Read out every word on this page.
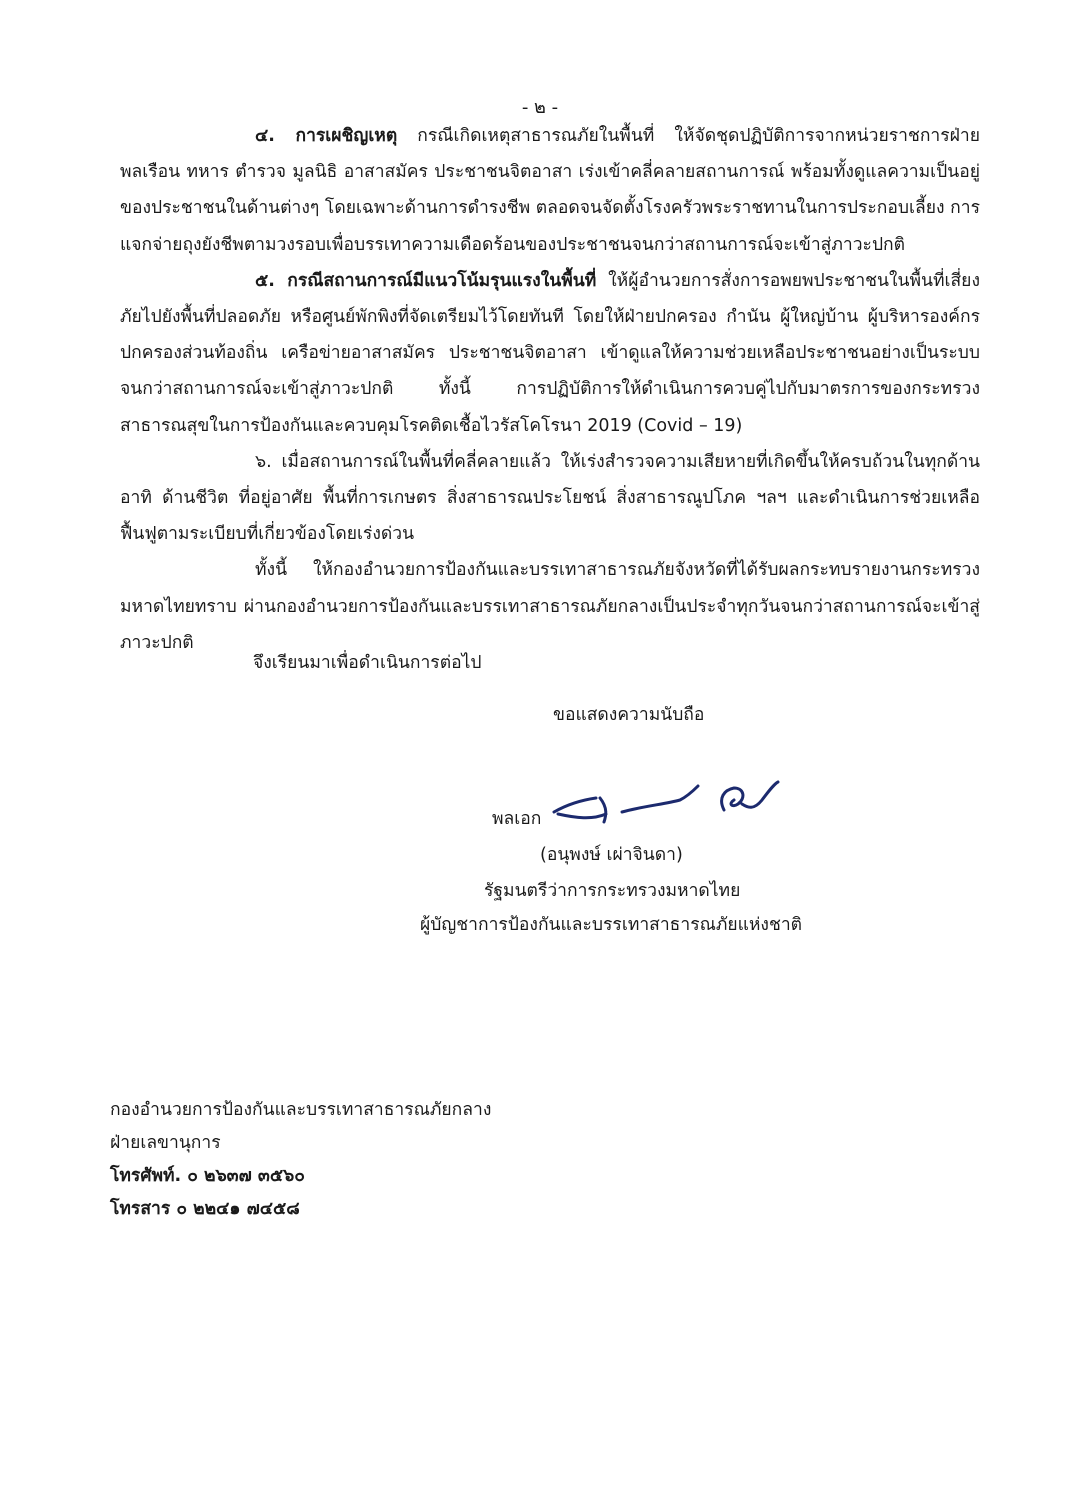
- ๒ -

๔. การเผชิญเหตุ กรณีเกิดเหตุสาธารณภัยในพื้นที่ ให้จัดชุดปฏิบัติการจากหน่วยราชการฝ่ายพลเรือน ทหาร ตำรวจ มูลนิธิ อาสาสมัคร ประชาชนจิตอาสา เร่งเข้าคลี่คลายสถานการณ์ พร้อมทั้งดูแลความเป็นอยู่ของประชาชนในด้านต่างๆ โดยเฉพาะด้านการดำรงชีพ ตลอดจนจัดตั้งโรงครัวพระราชทานในการประกอบเลี้ยง การแจกจ่ายถุงยังชีพตามวงรอบเพื่อบรรเทาความเดือดร้อนของประชาชนจนกว่าสถานการณ์จะเข้าสู่ภาวะปกติ

๕. กรณีสถานการณ์มีแนวโน้มรุนแรงในพื้นที่ ให้ผู้อำนวยการสั่งการอพยพประชาชนในพื้นที่เสี่ยงภัยไปยังพื้นที่ปลอดภัย หรือศูนย์พักพิงที่จัดเตรียมไว้โดยทันที โดยให้ฝ่ายปกครอง กำนัน ผู้ใหญ่บ้าน ผู้บริหารองค์กรปกครองส่วนท้องถิ่น เครือข่ายอาสาสมัคร ประชาชนจิตอาสา เข้าดูแลให้ความช่วยเหลือประชาชนอย่างเป็นระบบจนกว่าสถานการณ์จะเข้าสู่ภาวะปกติ ทั้งนี้ การปฏิบัติการให้ดำเนินการควบคู่ไปกับมาตรการของกระทรวงสาธารณสุขในการป้องกันและควบคุมโรคติดเชื้อไวรัสโคโรนา 2019 (Covid – 19)

๖. เมื่อสถานการณ์ในพื้นที่คลี่คลายแล้ว ให้เร่งสำรวจความเสียหายที่เกิดขึ้นให้ครบถ้วนในทุกด้าน อาทิ ด้านชีวิต ที่อยู่อาศัย พื้นที่การเกษตร สิ่งสาธารณประโยชน์ สิ่งสาธารณูปโภค ฯลฯ และดำเนินการช่วยเหลือฟื้นฟูตามระเบียบที่เกี่ยวข้องโดยเร่งด่วน

ทั้งนี้ ให้กองอำนวยการป้องกันและบรรเทาสาธารณภัยจังหวัดที่ได้รับผลกระทบรายงานกระทรวงมหาดไทยทราบ ผ่านกองอำนวยการป้องกันและบรรเทาสาธารณภัยกลางเป็นประจำทุกวันจนกว่าสถานการณ์จะเข้าสู่ภาวะปกติ

จึงเรียนมาเพื่อดำเนินการต่อไป
ขอแสดงความนับถือ
พลเอก
(อนุพงษ์ เผ่าจินดา)
รัฐมนตรีว่าการกระทรวงมหาดไทย
ผู้บัญชาการป้องกันและบรรเทาสาธารณภัยแห่งชาติ
กองอำนวยการป้องกันและบรรเทาสาธารณภัยกลาง
ฝ่ายเลขานุการ
โทรศัพท์. ๐ ๒๖๓๗ ๓๕๖๐
โทรสาร ๐ ๒๒๔๑ ๗๔๕๘
